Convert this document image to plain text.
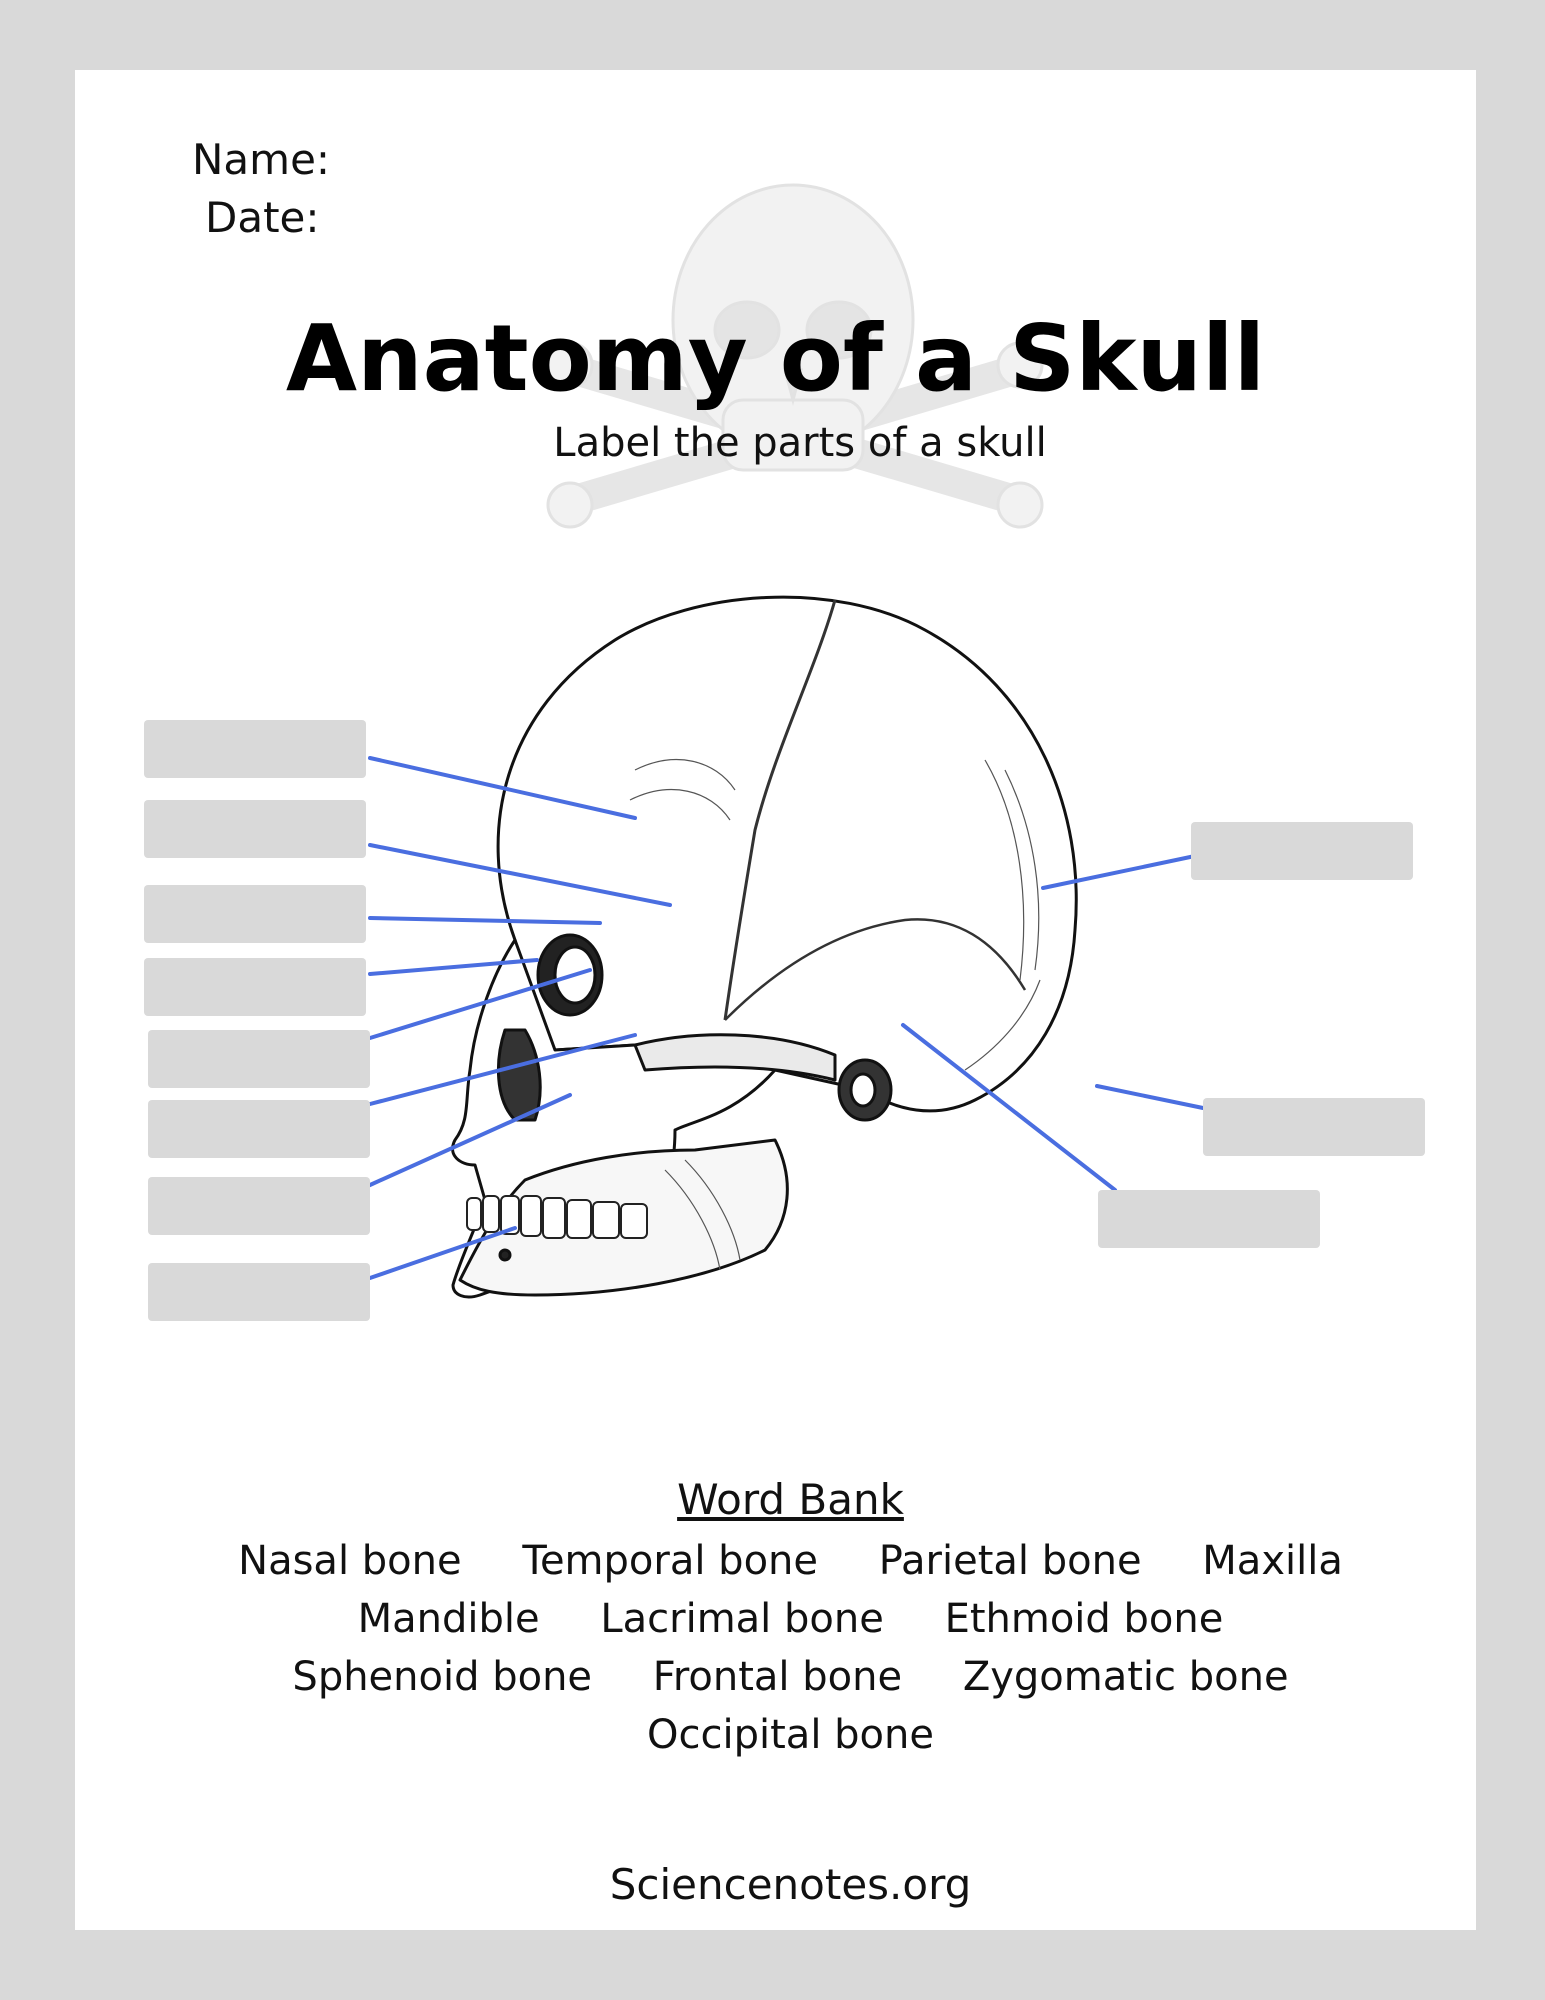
Name:
Date:
Anatomy of a Skull
Label the parts of a skull
Word Bank
Nasal bone Temporal bone Parietal bone Maxilla Mandible Lacrimal bone Ethmoid bone Sphenoid bone Frontal bone Zygomatic bone Occipital bone
Sciencenotes.org
